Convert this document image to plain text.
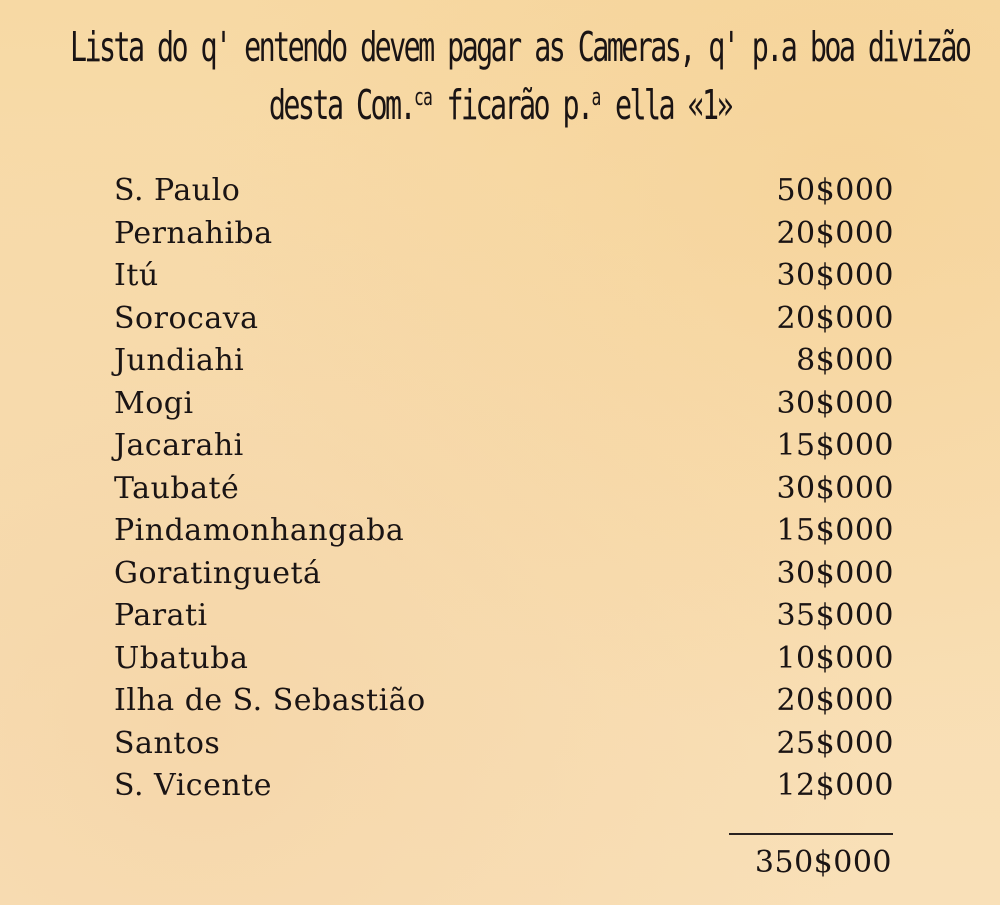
Lista do q' entendo devem pagar as Cameras, q' p.a boa divizão
desta Com.$^{ca}$ ficarão p.$^a$ ella «1»
S. Paulo	50$000
Pernahiba	20$000
Itú	30$000
Sorocava	20$000
Jundiahi	8$000
Mogi	30$000
Jacarahi	15$000
Taubaté	30$000
Pindamonhangaba	15$000
Goratinguetá	30$000
Parati	35$000
Ubatuba	10$000
Ilha de S. Sebastião	20$000
Santos	25$000
S. Vicente	12$000
350$000
